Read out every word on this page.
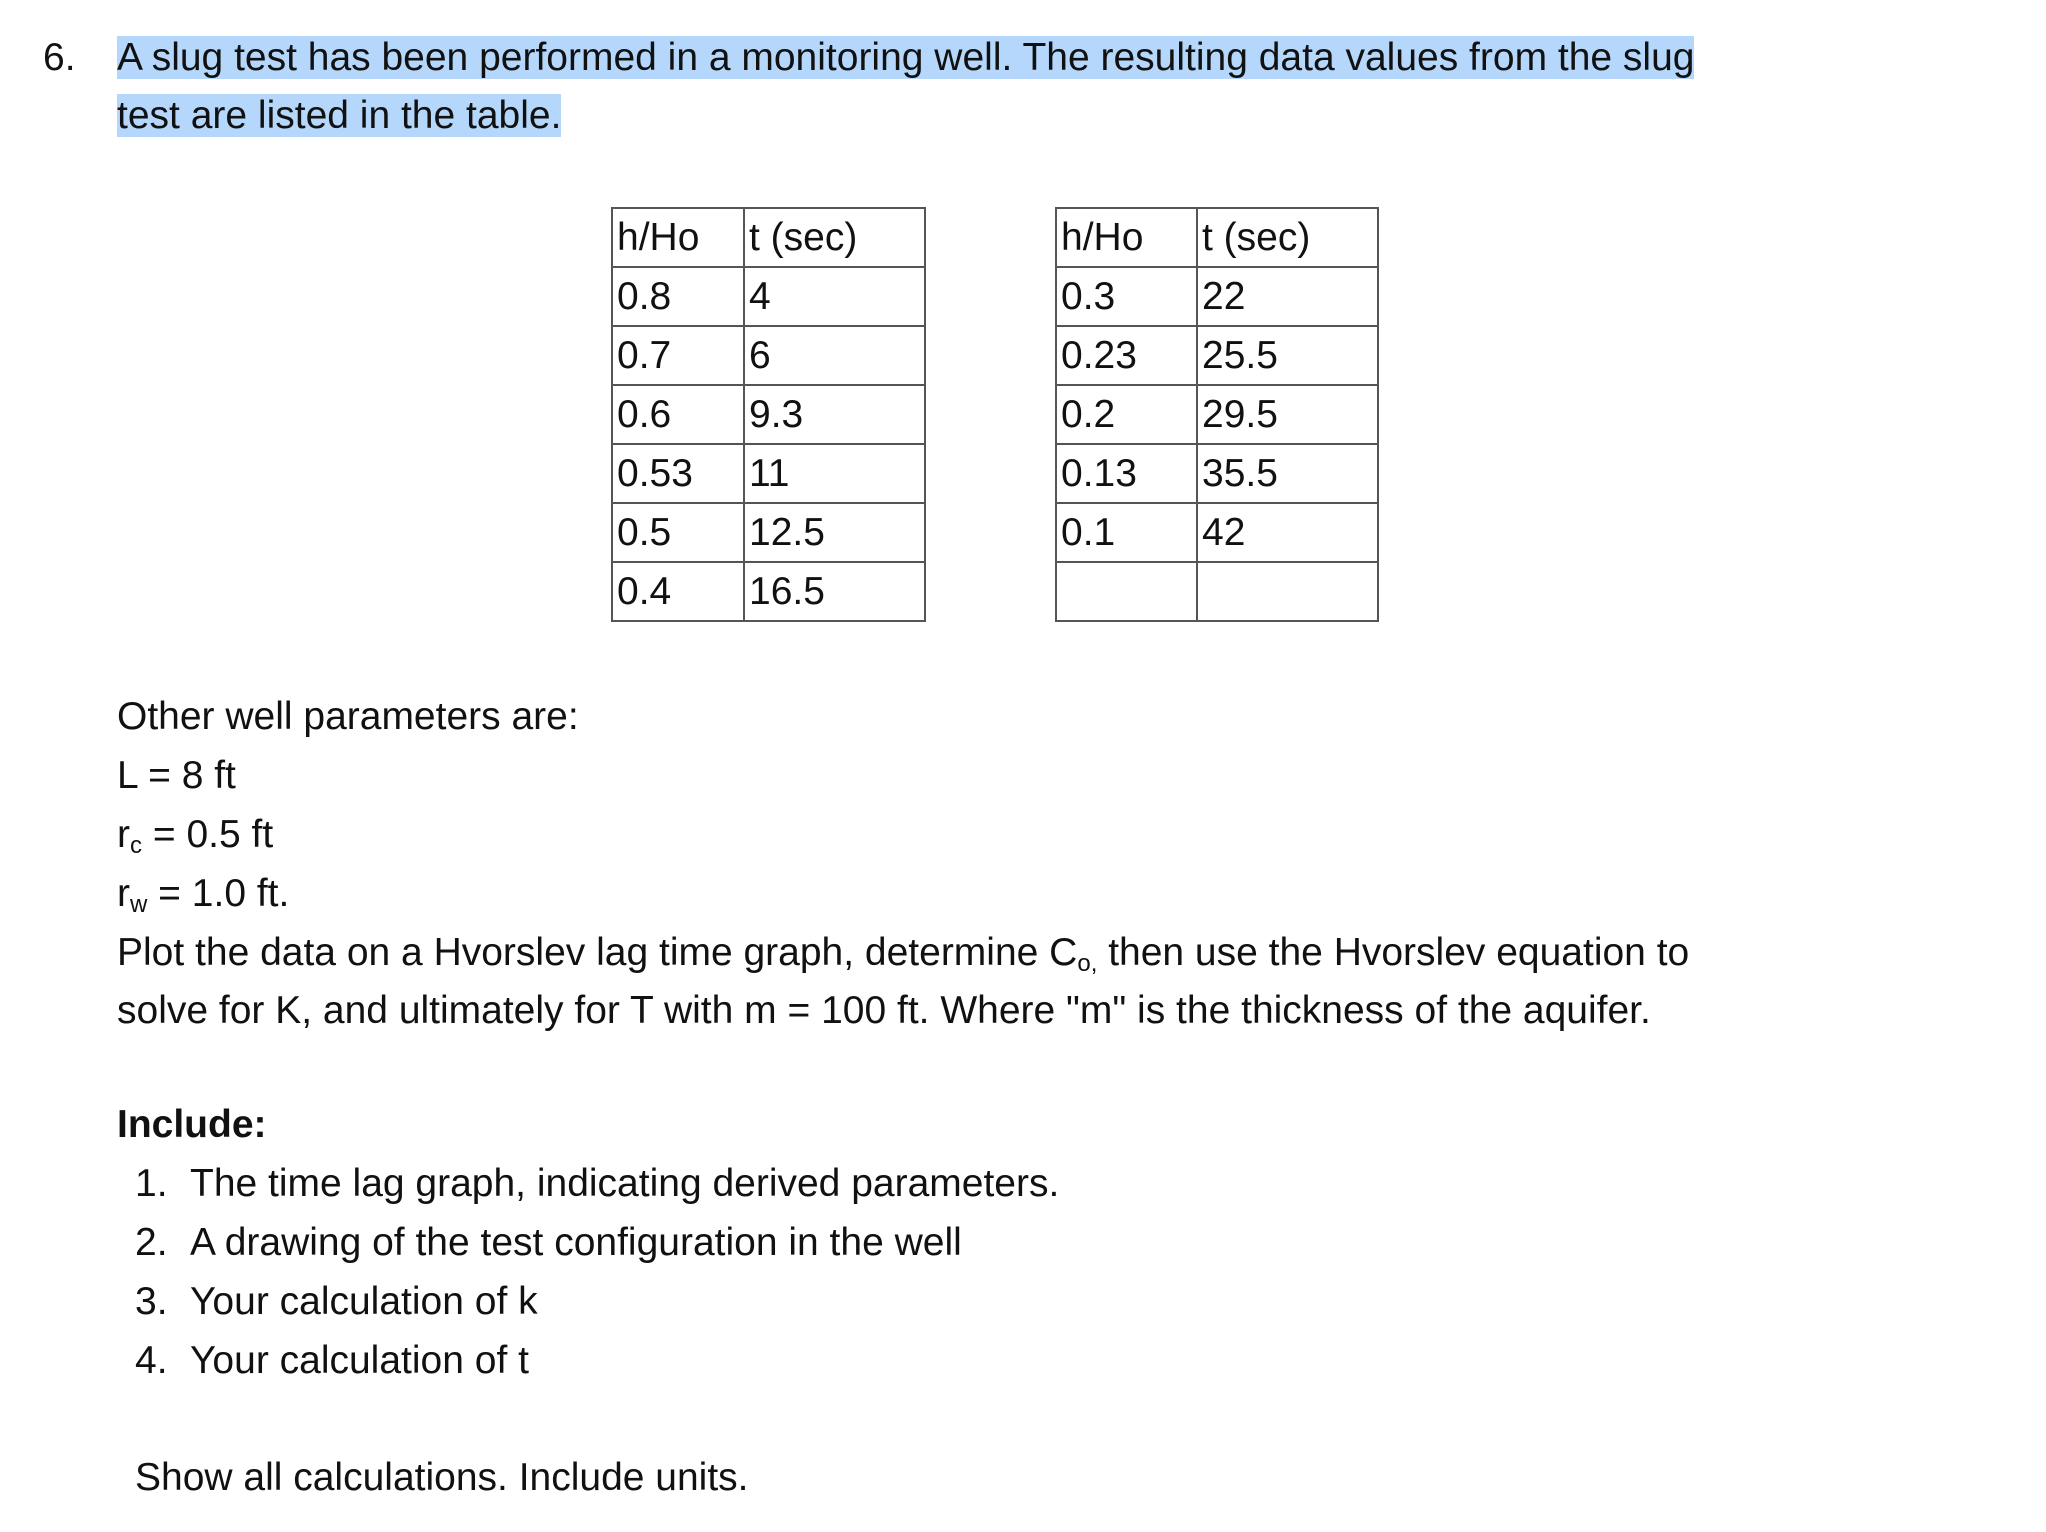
6. A slug test has been performed in a monitoring well. The resulting data values from the slug
test are listed in the table.
h/Ho	t (sec)
0.8	4
0.7	6
0.6	9.3
0.53	11
0.5	12.5
0.4	16.5
h/Ho	t (sec)
0.3	22
0.23	25.5
0.2	29.5
0.13	35.5
0.1	42

Other well parameters are:
L = 8 ft
$r_c = 0.5$ ft
$r_w = 1.0$ ft.
Plot the data on a Hvorslev lag time graph, determine $C_{o,}$ then use the Hvorslev equation to
solve for K, and ultimately for T with m = 100 ft. Where "m" is the thickness of the aquifer.
Include:
1. The time lag graph, indicating derived parameters.
2. A drawing of the test configuration in the well
3. Your calculation of k
4. Your calculation of t
Show all calculations. Include units.
